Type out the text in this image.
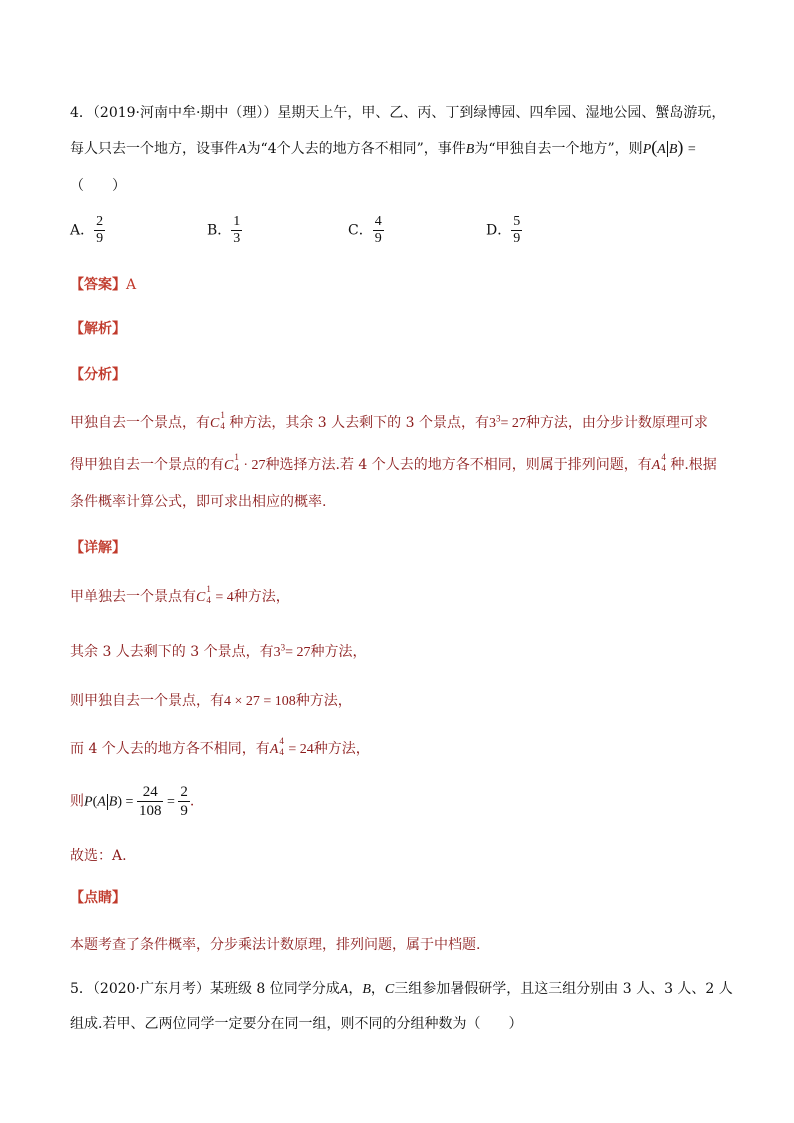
4．（2019·河南中牟·期中（理））星期天上午，甲、乙、丙、丁到绿博园、四牟园、湿地公园、蟹岛游玩，
每人只去一个地方，设事件A为“4个人去的地方各不相同”，事件B为“甲独自去一个地方”，则P(A B) =
（　　）
A． $\frac{2}{9}$	B． $\frac{1}{3}$	C． $\frac{4}{9}$	D． $\frac{5}{9}$
【答案】A
【解析】
【分析】
甲独自去一个景点，有C
1
4 种方法，其余 3 人去剩下的 3 个景点，有$3^3= 27$种方法，由分步计数原理可求
得甲独自去一个景点的有C
1
4 · 27种选择方法.若 4 个人去的地方各不相同，则属于排列问题，有A
4
4 种.根据
条件概率计算公式，即可求出相应的概率.
【详解】
甲单独去一个景点有C
1
4 = 4种方法，
其余 3 人去剩下的 3 个景点，有$3^3= 27$种方法，
则甲独自去一个景点，有4 × 27 = 108种方法，
而 4 个人去的地方各不相同，有A
4
4 = 24种方法，
则P(A $B) = \frac{24}{108} = \frac{2}{9}$ .
故选：A.
【点睛】
本题考查了条件概率，分步乘法计数原理，排列问题，属于中档题.
5．（2020·广东月考）某班级 8 位同学分成A，B，C三组参加暑假研学，且这三组分别由 3 人、3 人、2 人
组成.若甲、乙两位同学一定要分在同一组，则不同的分组种数为（　　）
